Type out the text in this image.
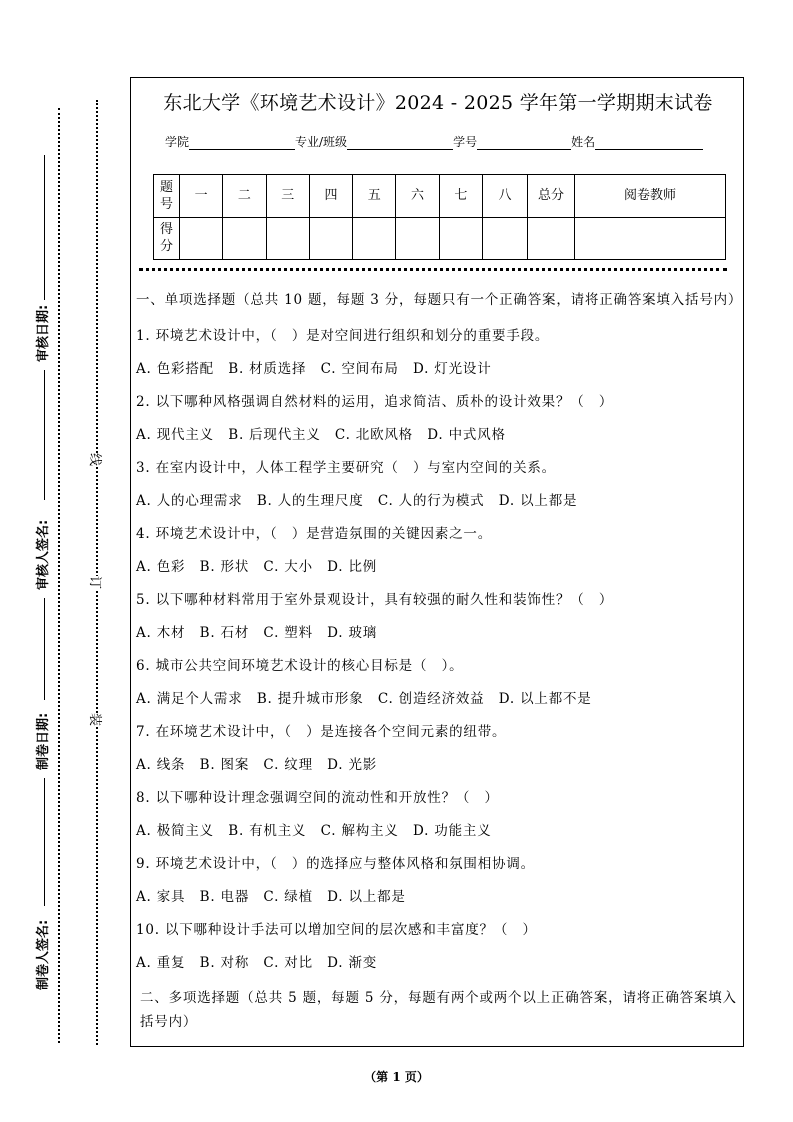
审核日期:
审核人签名:
制卷日期:
制卷人签名:
线
订
装
东北大学《环境艺术设计》2024 - 2025 学年第一学期期末试卷
学院	专业/班级	学号	姓名
题号	一	二	三	四	五	六	七	八	总分	阅卷教师
得分										

一、单项选择题（总共 10 题，每题 3 分，每题只有一个正确答案，请将正确答案填入括号内）

1. 环境艺术设计中，（　）是对空间进行组织和划分的重要手段。

A. 色彩搭配　B. 材质选择　C. 空间布局　D. 灯光设计

2. 以下哪种风格强调自然材料的运用，追求简洁、质朴的设计效果？（　）

A. 现代主义　B. 后现代主义　C. 北欧风格　D. 中式风格

3. 在室内设计中，人体工程学主要研究（　）与室内空间的关系。

A. 人的心理需求　B. 人的生理尺度　C. 人的行为模式　D. 以上都是

4. 环境艺术设计中，（　）是营造氛围的关键因素之一。

A. 色彩　B. 形状　C. 大小　D. 比例

5. 以下哪种材料常用于室外景观设计，具有较强的耐久性和装饰性？（　）

A. 木材　B. 石材　C. 塑料　D. 玻璃

6. 城市公共空间环境艺术设计的核心目标是（　）。

A. 满足个人需求　B. 提升城市形象　C. 创造经济效益　D. 以上都不是

7. 在环境艺术设计中，（　）是连接各个空间元素的纽带。

A. 线条　B. 图案　C. 纹理　D. 光影

8. 以下哪种设计理念强调空间的流动性和开放性？（　）

A. 极简主义　B. 有机主义　C. 解构主义　D. 功能主义

9. 环境艺术设计中，（　）的选择应与整体风格和氛围相协调。

A. 家具　B. 电器　C. 绿植　D. 以上都是

10. 以下哪种设计手法可以增加空间的层次感和丰富度？（　）

A. 重复　B. 对称　C. 对比　D. 渐变

二、多项选择题（总共 5 题，每题 5 分，每题有两个或两个以上正确答案，请将正确答案填入括号内）

（第 1 页）
